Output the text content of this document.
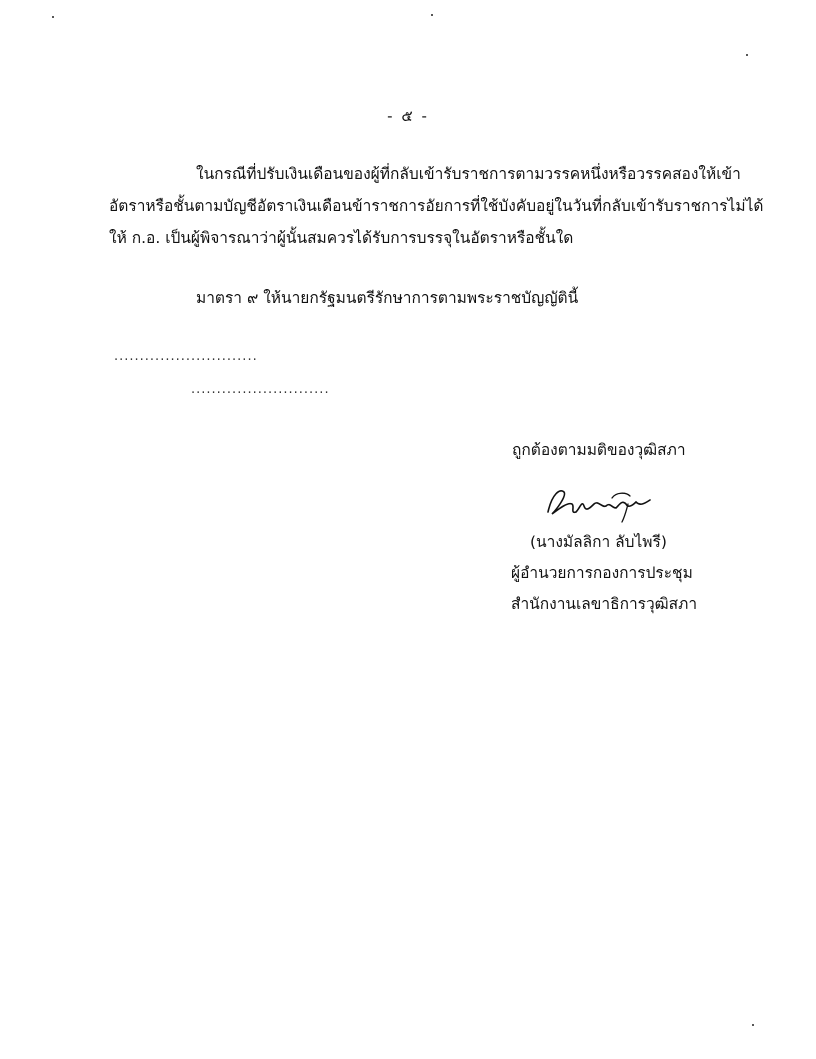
- ๕ -
ในกรณีที่ปรับเงินเดือนของผู้ที่กลับเข้ารับราชการตามวรรคหนึ่งหรือวรรคสองให้เข้า
อัตราหรือชั้นตามบัญชีอัตราเงินเดือนข้าราชการอัยการที่ใช้บังคับอยู่ในวันที่กลับเข้ารับราชการไม่ได้
ให้ ก.อ. เป็นผู้พิจารณาว่าผู้นั้นสมควรได้รับการบรรจุในอัตราหรือชั้นใด
มาตรา ๙ ให้นายกรัฐมนตรีรักษาการตามพระราชบัญญัตินี้
............................
...........................
ถูกต้องตามมติของวุฒิสภา
(นางมัลลิกา ลับไพรี)
ผู้อำนวยการกองการประชุม
สำนักงานเลขาธิการวุฒิสภา
